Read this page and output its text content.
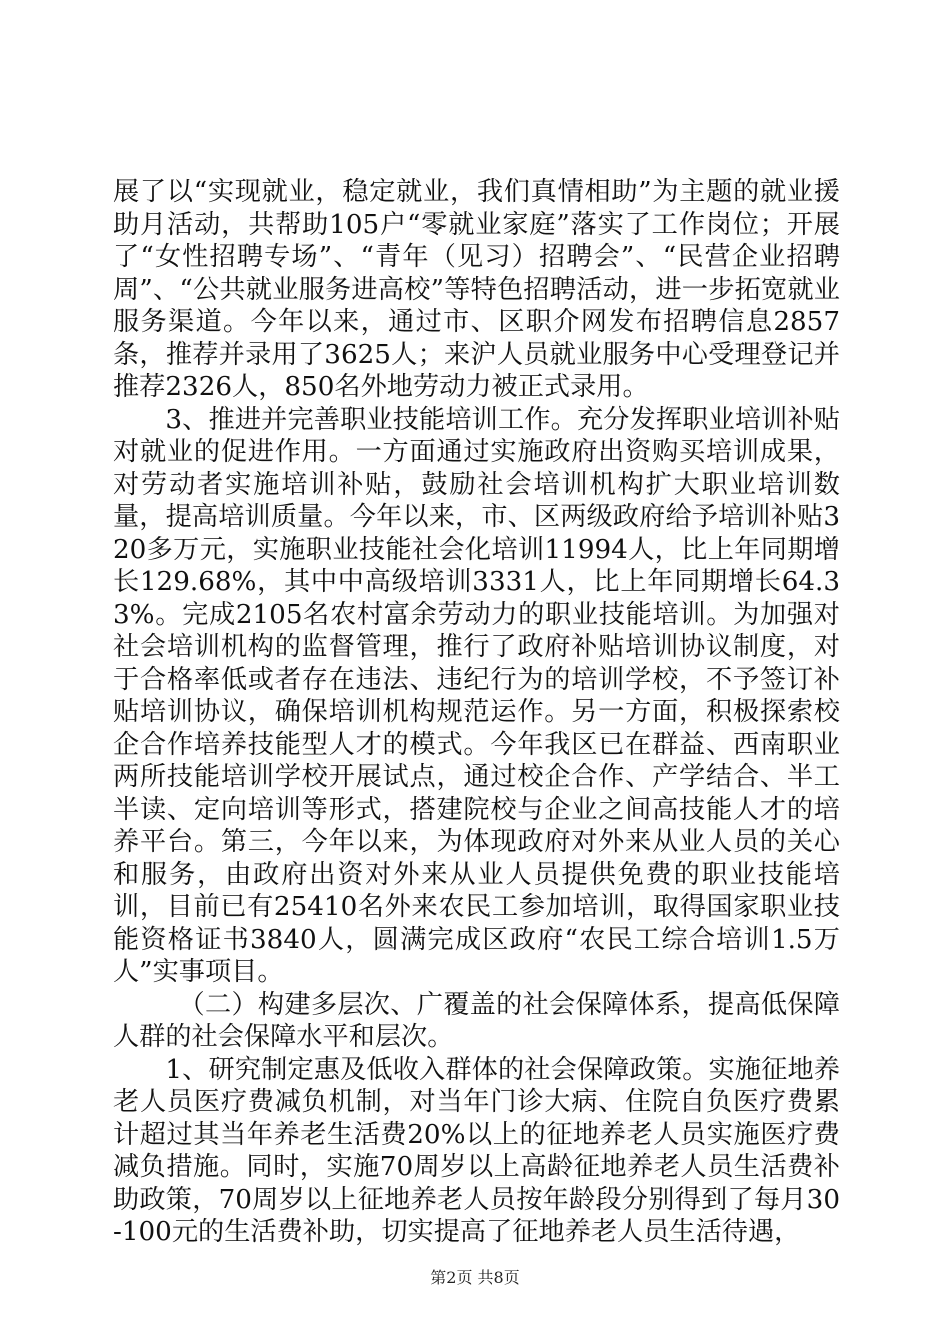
展了以“实现就业，稳定就业，我们真情相助”为主题的就业援助月活动，共帮助105户“零就业家庭”落实了工作岗位；开展了“女性招聘专场”、“青年（见习）招聘会”、“民营企业招聘周”、“公共就业服务进高校”等特色招聘活动，进一步拓宽就业服务渠道。今年以来，通过市、区职介网发布招聘信息2857条，推荐并录用了3625人；来沪人员就业服务中心受理登记并推荐2326人，850名外地劳动力被正式录用。

3、推进并完善职业技能培训工作。充分发挥职业培训补贴对就业的促进作用。一方面通过实施政府出资购买培训成果，对劳动者实施培训补贴，鼓励社会培训机构扩大职业培训数量，提高培训质量。今年以来，市、区两级政府给予培训补贴320多万元，实施职业技能社会化培训11994人，比上年同期增长129.68%，其中中高级培训3331人，比上年同期增长64.33%。完成2105名农村富余劳动力的职业技能培训。为加强对社会培训机构的监督管理，推行了政府补贴培训协议制度，对于合格率低或者存在违法、违纪行为的培训学校，不予签订补贴培训协议，确保培训机构规范运作。另一方面，积极探索校企合作培养技能型人才的模式。今年我区已在群益、西南职业两所技能培训学校开展试点，通过校企合作、产学结合、半工半读、定向培训等形式，搭建院校与企业之间高技能人才的培养平台。第三，今年以来，为体现政府对外来从业人员的关心和服务，由政府出资对外来从业人员提供免费的职业技能培训，目前已有25410名外来农民工参加培训，取得国家职业技能资格证书3840人，圆满完成区政府“农民工综合培训1.5万人”实事项目。

（二）构建多层次、广覆盖的社会保障体系，提高低保障人群的社会保障水平和层次。

1、研究制定惠及低收入群体的社会保障政策。实施征地养老人员医疗费减负机制，对当年门诊大病、住院自负医疗费累计超过其当年养老生活费20%以上的征地养老人员实施医疗费减负措施。同时，实施70周岁以上高龄征地养老人员生活费补助政策，70周岁以上征地养老人员按年龄段分别得到了每月30-100元的生活费补助，切实提高了征地养老人员生活待遇，

第2页 共8页
